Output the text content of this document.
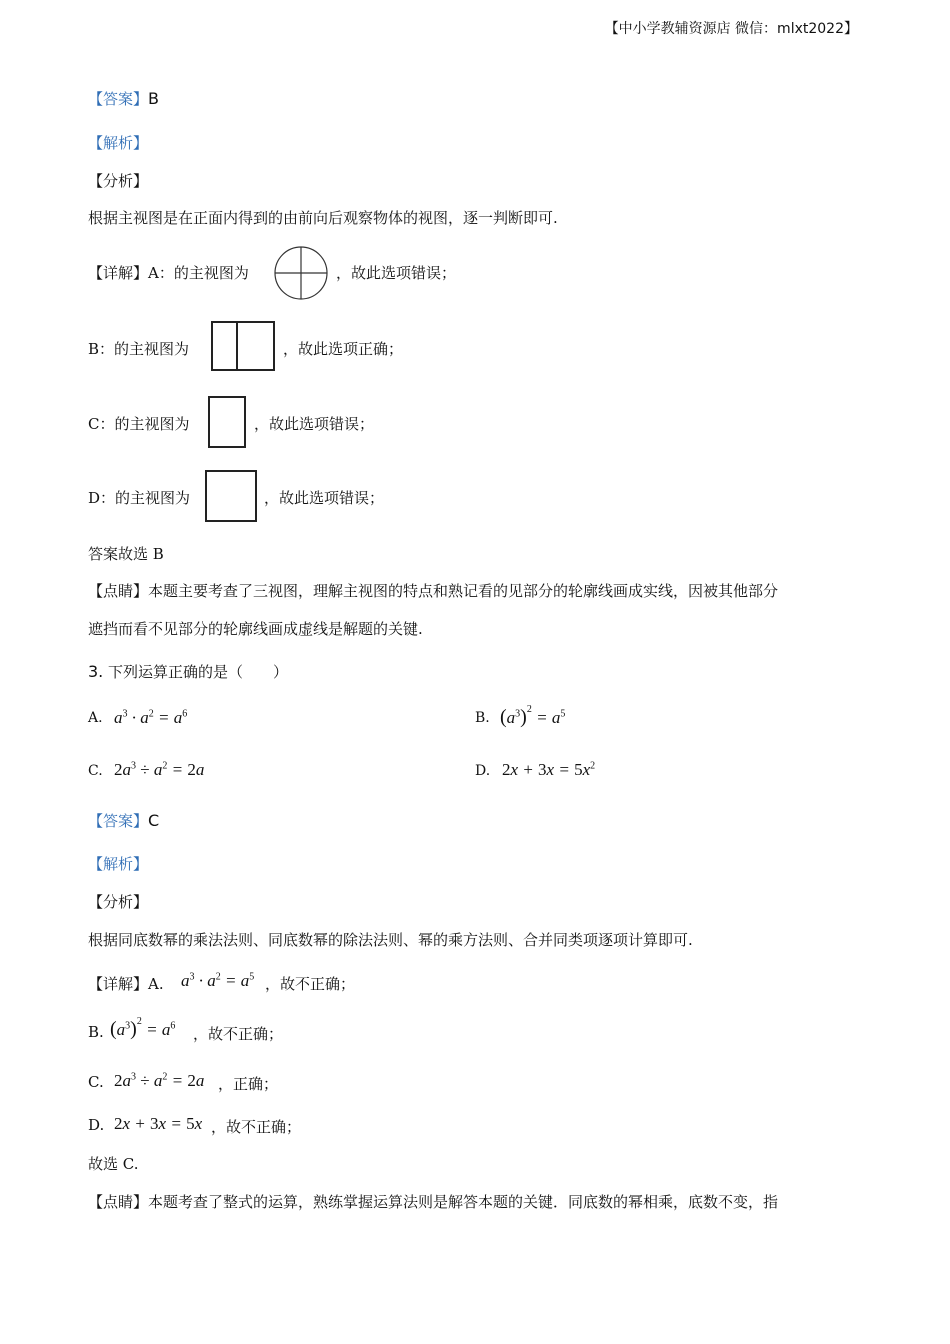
【中小学教辅资源店 微信：mlxt2022】
【答案】B
【解析】
【分析】
根据主视图是在正面内得到的由前向后观察物体的视图，逐一判断即可.
【详解】A：的主视图为	，故此选项错误；
B：的主视图为	，故此选项正确；
C：的主视图为	，故此选项错误；
D：的主视图为	，故此选项错误；
答案故选 B
【点睛】本题主要考查了三视图，理解主视图的特点和熟记看的见部分的轮廓线画成实线，因被其他部分
遮挡而看不见部分的轮廓线画成虚线是解题的关键.
3. 下列运算正确的是（　　）
A. $a^3 \cdot a^2 = a^6$	B. $(a^3)^2 = a^5$
C. $2a^3 \div a^2 = 2a$	D. $2x + 3x = 5x^2$
【答案】C
【解析】
【分析】
根据同底数幂的乘法法则、同底数幂的除法法则、幂的乘方法则、合并同类项逐项计算即可.
【详解】A. $a^3 \cdot a^2 = a^5$ ，故不正确；
B. $(a^3)^2 = a^6$ ，故不正确；
C. $2a^3 \div a^2 = 2a$ ，正确；
D. 2x + 3x = 5x ，故不正确；
故选 C.
【点睛】本题考查了整式的运算，熟练掌握运算法则是解答本题的关键．同底数的幂相乘，底数不变，指
